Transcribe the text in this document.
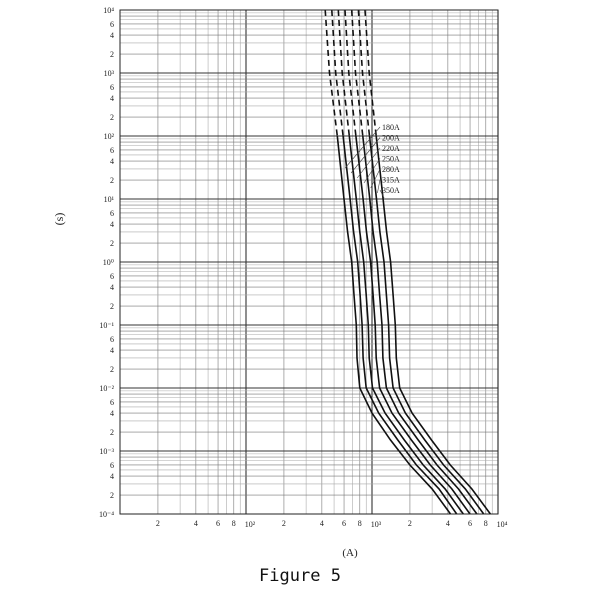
10⁴
10³
10²
10¹
10⁰
10⁻¹
10⁻²
10⁻³
10⁻⁴
6
4
2
6
4
2
6
4
2
6
4
2
6
4
2
6
4
2
6
4
2
6
4
2
2	4 6 8	2	4 6 8	2	4 6 8
10²	10³	10⁴
180A
200A
220A
250A
280A
315A
350A
(s)
(A)
Figure 5
